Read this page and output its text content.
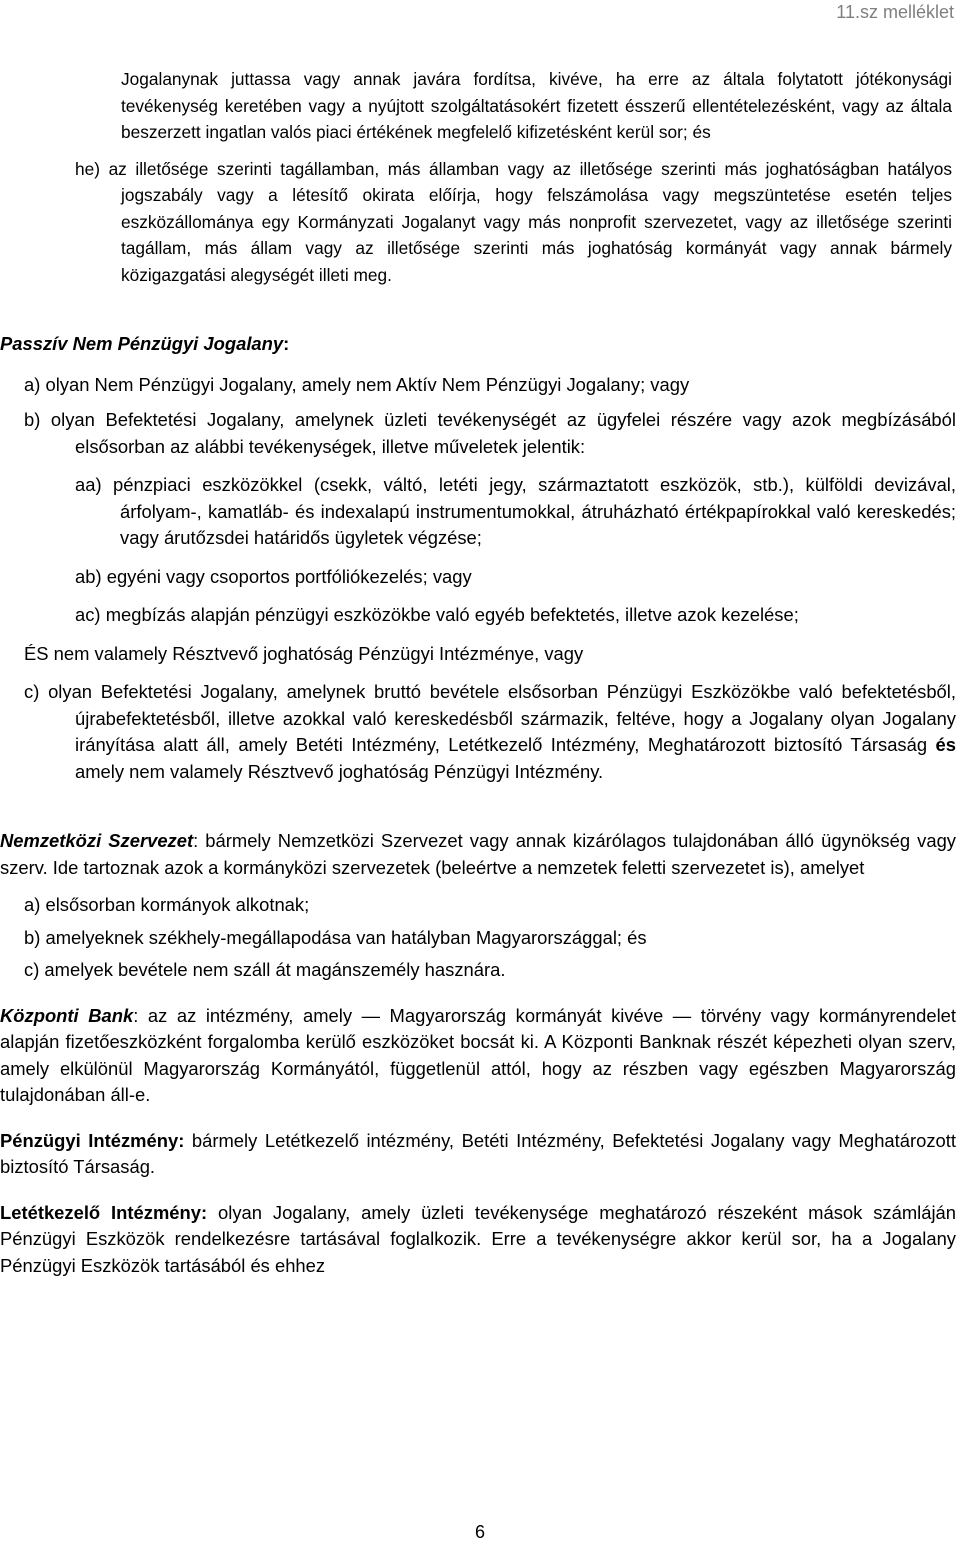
11.sz melléklet

Jogalanynak juttassa vagy annak javára fordítsa, kivéve, ha erre az általa folytatott jótékonysági tevékenység keretében vagy a nyújtott szolgáltatásokért fizetett ésszerű ellentételezésként, vagy az általa beszerzett ingatlan valós piaci értékének megfelelő kifizetésként kerül sor; és

he) az illetősége szerinti tagállamban, más államban vagy az illetősége szerinti más joghatóságban hatályos jogszabály vagy a létesítő okirata előírja, hogy felszámolása vagy megszüntetése esetén teljes eszközállománya egy Kormányzati Jogalanyt vagy más nonprofit szervezetet, vagy az illetősége szerinti tagállam, más állam vagy az illetősége szerinti más joghatóság kormányát vagy annak bármely közigazgatási alegységét illeti meg.

Passzív Nem Pénzügyi Jogalany:

a) olyan Nem Pénzügyi Jogalany, amely nem Aktív Nem Pénzügyi Jogalany; vagy

b) olyan Befektetési Jogalany, amelynek üzleti tevékenységét az ügyfelei részére vagy azok megbízásából elsősorban az alábbi tevékenységek, illetve műveletek jelentik:

aa) pénzpiaci eszközökkel (csekk, váltó, letéti jegy, származtatott eszközök, stb.), külföldi devizával, árfolyam-, kamatláb- és indexalapú instrumentumokkal, átruházható értékpapírokkal való kereskedés; vagy árutőzsdei határidős ügyletek végzése;

ab) egyéni vagy csoportos portfóliókezelés; vagy

ac) megbízás alapján pénzügyi eszközökbe való egyéb befektetés, illetve azok kezelése;

ÉS nem valamely Résztvevő joghatóság Pénzügyi Intézménye, vagy

c) olyan Befektetési Jogalany, amelynek bruttó bevétele elsősorban Pénzügyi Eszközökbe való befektetésből, újrabefektetésből, illetve azokkal való kereskedésből származik, feltéve, hogy a Jogalany olyan Jogalany irányítása alatt áll, amely Betéti Intézmény, Letétkezelő Intézmény, Meghatározott biztosító Társaság és amely nem valamely Résztvevő joghatóság Pénzügyi Intézmény.

Nemzetközi Szervezet: bármely Nemzetközi Szervezet vagy annak kizárólagos tulajdonában álló ügynökség vagy szerv. Ide tartoznak azok a kormányközi szervezetek (beleértve a nemzetek feletti szervezetet is), amelyet

a) elsősorban kormányok alkotnak;

b) amelyeknek székhely-megállapodása van hatályban Magyarországgal; és

c) amelyek bevétele nem száll át magánszemély hasznára.

Központi Bank: az az intézmény, amely — Magyarország kormányát kivéve — törvény vagy kormányrendelet alapján fizetőeszközként forgalomba kerülő eszközöket bocsát ki. A Központi Banknak részét képezheti olyan szerv, amely elkülönül Magyarország Kormányától, függetlenül attól, hogy az részben vagy egészben Magyarország tulajdonában áll-e.

Pénzügyi Intézmény: bármely Letétkezelő intézmény, Betéti Intézmény, Befektetési Jogalany vagy Meghatározott biztosító Társaság.

Letétkezelő Intézmény: olyan Jogalany, amely üzleti tevékenysége meghatározó részeként mások számláján Pénzügyi Eszközök rendelkezésre tartásával foglalkozik. Erre a tevékenységre akkor kerül sor, ha a Jogalany Pénzügyi Eszközök tartásából és ehhez

6
